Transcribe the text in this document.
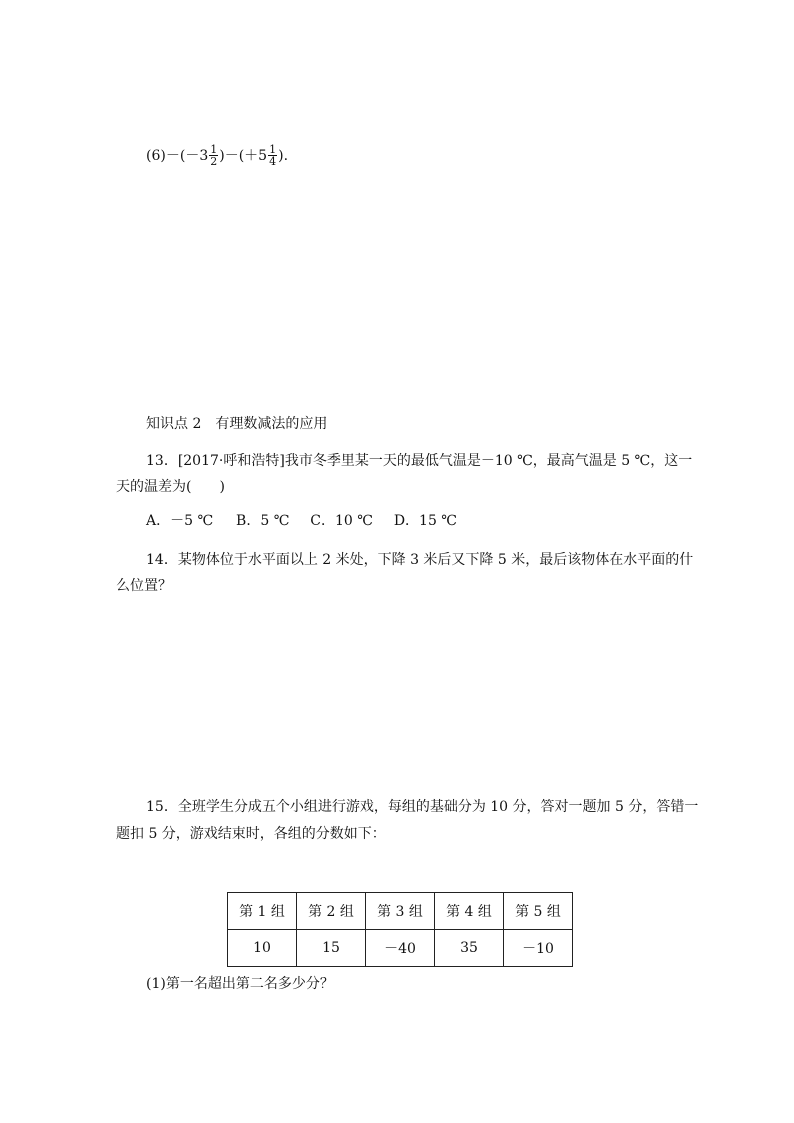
(6) － ( － $3 \frac{1}{2}$ ) － ( ＋ $5 \frac{1}{4}$ ) .
知识点 2　有理数减法的应用
13．[2017·呼和浩特]我市冬季里某一天的最低气温是－10 ℃，最高气温是 5 ℃，这一
天的温差为(　　)
A．－5 ℃ B．5 ℃ C．10 ℃ D．15 ℃
14．某物体位于水平面以上 2 米处，下降 3 米后又下降 5 米，最后该物体在水平面的什
么位置？
15．全班学生分成五个小组进行游戏，每组的基础分为 10 分，答对一题加 5 分，答错一
题扣 5 分，游戏结束时，各组的分数如下：
第 1 组	第 2 组	第 3 组	第 4 组	第 5 组
10	15	－40	35	－10
(1)第一名超出第二名多少分？
